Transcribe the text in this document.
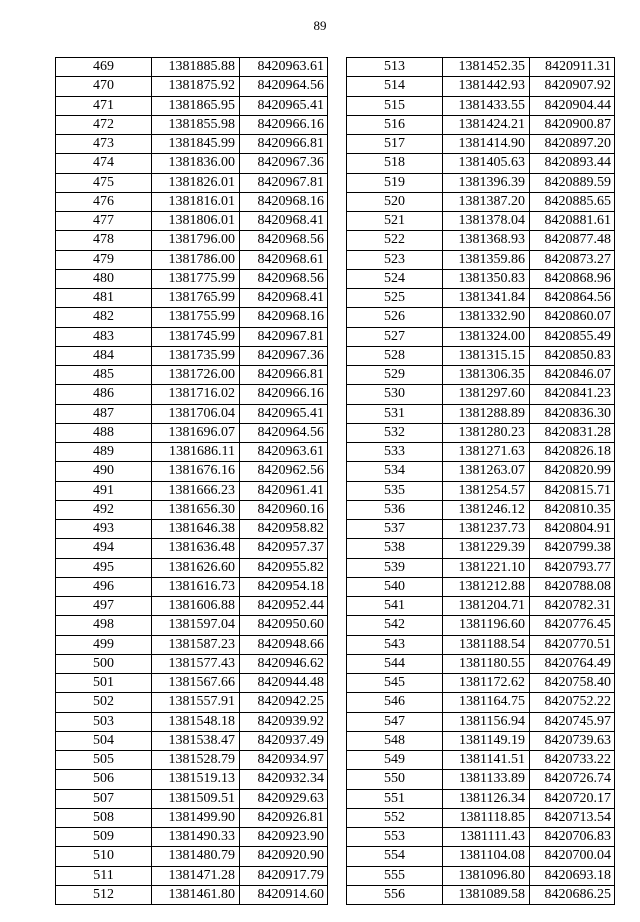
89
469	1381885.88	8420963.61
470	1381875.92	8420964.56
471	1381865.95	8420965.41
472	1381855.98	8420966.16
473	1381845.99	8420966.81
474	1381836.00	8420967.36
475	1381826.01	8420967.81
476	1381816.01	8420968.16
477	1381806.01	8420968.41
478	1381796.00	8420968.56
479	1381786.00	8420968.61
480	1381775.99	8420968.56
481	1381765.99	8420968.41
482	1381755.99	8420968.16
483	1381745.99	8420967.81
484	1381735.99	8420967.36
485	1381726.00	8420966.81
486	1381716.02	8420966.16
487	1381706.04	8420965.41
488	1381696.07	8420964.56
489	1381686.11	8420963.61
490	1381676.16	8420962.56
491	1381666.23	8420961.41
492	1381656.30	8420960.16
493	1381646.38	8420958.82
494	1381636.48	8420957.37
495	1381626.60	8420955.82
496	1381616.73	8420954.18
497	1381606.88	8420952.44
498	1381597.04	8420950.60
499	1381587.23	8420948.66
500	1381577.43	8420946.62
501	1381567.66	8420944.48
502	1381557.91	8420942.25
503	1381548.18	8420939.92
504	1381538.47	8420937.49
505	1381528.79	8420934.97
506	1381519.13	8420932.34
507	1381509.51	8420929.63
508	1381499.90	8420926.81
509	1381490.33	8420923.90
510	1381480.79	8420920.90
511	1381471.28	8420917.79
512	1381461.80	8420914.60
513	1381452.35	8420911.31
514	1381442.93	8420907.92
515	1381433.55	8420904.44
516	1381424.21	8420900.87
517	1381414.90	8420897.20
518	1381405.63	8420893.44
519	1381396.39	8420889.59
520	1381387.20	8420885.65
521	1381378.04	8420881.61
522	1381368.93	8420877.48
523	1381359.86	8420873.27
524	1381350.83	8420868.96
525	1381341.84	8420864.56
526	1381332.90	8420860.07
527	1381324.00	8420855.49
528	1381315.15	8420850.83
529	1381306.35	8420846.07
530	1381297.60	8420841.23
531	1381288.89	8420836.30
532	1381280.23	8420831.28
533	1381271.63	8420826.18
534	1381263.07	8420820.99
535	1381254.57	8420815.71
536	1381246.12	8420810.35
537	1381237.73	8420804.91
538	1381229.39	8420799.38
539	1381221.10	8420793.77
540	1381212.88	8420788.08
541	1381204.71	8420782.31
542	1381196.60	8420776.45
543	1381188.54	8420770.51
544	1381180.55	8420764.49
545	1381172.62	8420758.40
546	1381164.75	8420752.22
547	1381156.94	8420745.97
548	1381149.19	8420739.63
549	1381141.51	8420733.22
550	1381133.89	8420726.74
551	1381126.34	8420720.17
552	1381118.85	8420713.54
553	1381111.43	8420706.83
554	1381104.08	8420700.04
555	1381096.80	8420693.18
556	1381089.58	8420686.25
